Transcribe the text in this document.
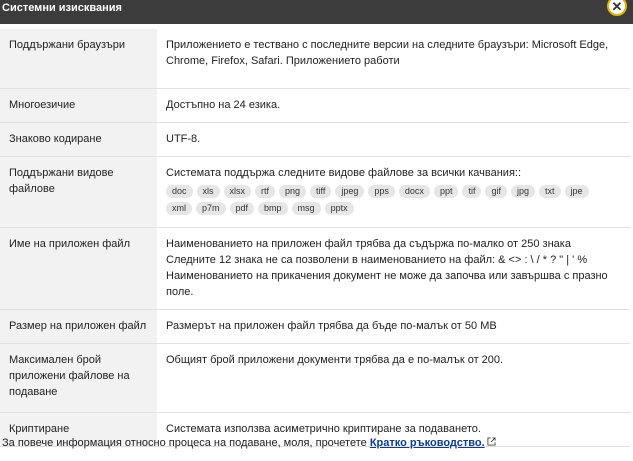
Системни изисквания	✕
Поддържани браузъри	Приложението е тествано с последните версии на следните браузъри: Microsoft Edge, Chrome, Firefox, Safari. Приложението работи
Многоезичие	Достъпно на 24 езика.
Знаково кодиране	UTF-8.
Поддържани видове файлове	Системата поддържа следните видове файлове за всички качвания::
doc xls xlsx rtf png tiff jpeg pps docx ppt tif gif jpg txt jpexml p7m pdf bmp msg pptx

Име на приложен файл	Наименованието на приложен файл трябва да съдържа по-малко от 250 знака
Следните 12 знака не са позволени в наименованието на файл: & <> : \ / * ? " | ' %
Наименованието на прикачения документ не може да започва или завършва с празно поле.

Размер на приложен файл	Размерът на приложен файл трябва да бъде по-малък от 50 MB
Максимален брой приложени файлове на подаване	Общият брой приложени документи трябва да е по-малък от 200.
Криптиране	Системата използва асиметрично криптиране за подаването.
За повече информация относно процеса на подаване, моля, прочетете Кратко ръководство.
